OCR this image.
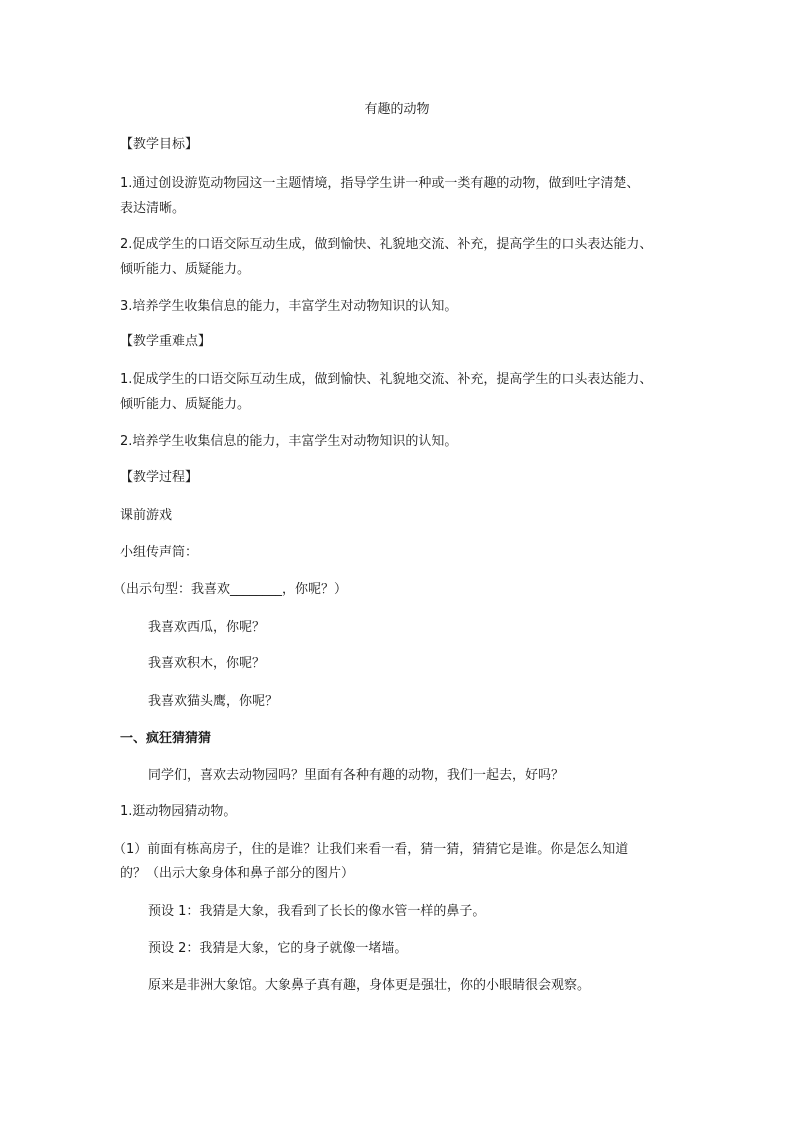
有趣的动物
【教学目标】
1.通过创设游览动物园这一主题情境，指导学生讲一种或一类有趣的动物，做到吐字清楚、
表达清晰。
2.促成学生的口语交际互动生成，做到愉快、礼貌地交流、补充，提高学生的口头表达能力、
倾听能力、质疑能力。
3.培养学生收集信息的能力，丰富学生对动物知识的认知。
【教学重难点】
1.促成学生的口语交际互动生成，做到愉快、礼貌地交流、补充，提高学生的口头表达能力、
倾听能力、质疑能力。
2.培养学生收集信息的能力，丰富学生对动物知识的认知。
【教学过程】
课前游戏
小组传声筒：
（出示句型：我喜欢________，你呢？）
我喜欢西瓜，你呢？
我喜欢积木，你呢？
我喜欢猫头鹰，你呢？
一、疯狂猜猜猜
同学们，喜欢去动物园吗？里面有各种有趣的动物，我们一起去，好吗？
1.逛动物园猜动物。
（1）前面有栋高房子，住的是谁？让我们来看一看，猜一猜，猜猜它是谁。你是怎么知道
的？（出示大象身体和鼻子部分的图片）
预设 1：我猜是大象，我看到了长长的像水管一样的鼻子。
预设 2：我猜是大象，它的身子就像一堵墙。
原来是非洲大象馆。大象鼻子真有趣，身体更是强壮，你的小眼睛很会观察。
